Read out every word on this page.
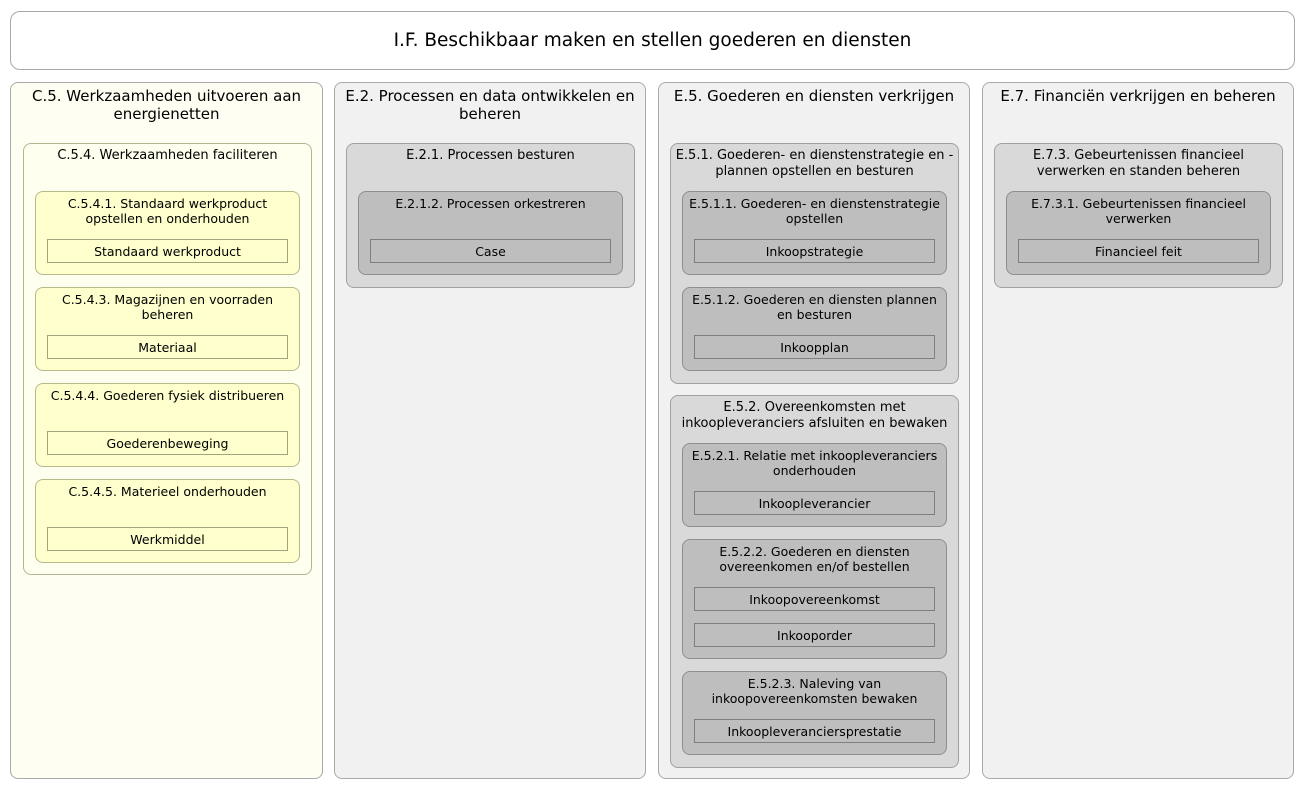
I.F. Beschikbaar maken en stellen goederen en diensten
C.5. Werkzaamheden uitvoeren aan energienetten
C.5.4. Werkzaamheden faciliteren
C.5.4.1. Standaard werkproduct opstellen en onderhouden
Standaard werkproduct
C.5.4.3. Magazijnen en voorraden beheren
Materiaal
C.5.4.4. Goederen fysiek distribueren
Goederenbeweging
C.5.4.5. Materieel onderhouden
Werkmiddel
E.2. Processen en data ontwikkelen en beheren
E.2.1. Processen besturen
E.2.1.2. Processen orkestreren
Case
E.5. Goederen en diensten verkrijgen
E.5.1. Goederen- en dienstenstrategie en -plannen opstellen en besturen
E.5.1.1. Goederen- en dienstenstrategie opstellen
Inkoopstrategie
E.5.1.2. Goederen en diensten plannen en besturen
Inkoopplan
E.5.2. Overeenkomsten met inkoopleveranciers afsluiten en bewaken
E.5.2.1. Relatie met inkoopleveranciers onderhouden
Inkoopleverancier
E.5.2.2. Goederen en diensten overeenkomen en/of bestellen
Inkoopovereenkomst
Inkooporder
E.5.2.3. Naleving van inkoopovereenkomsten bewaken
Inkoopleveranciersprestatie
E.7. Financiën verkrijgen en beheren
E.7.3. Gebeurtenissen financieel verwerken en standen beheren
E.7.3.1. Gebeurtenissen financieel verwerken
Financieel feit
